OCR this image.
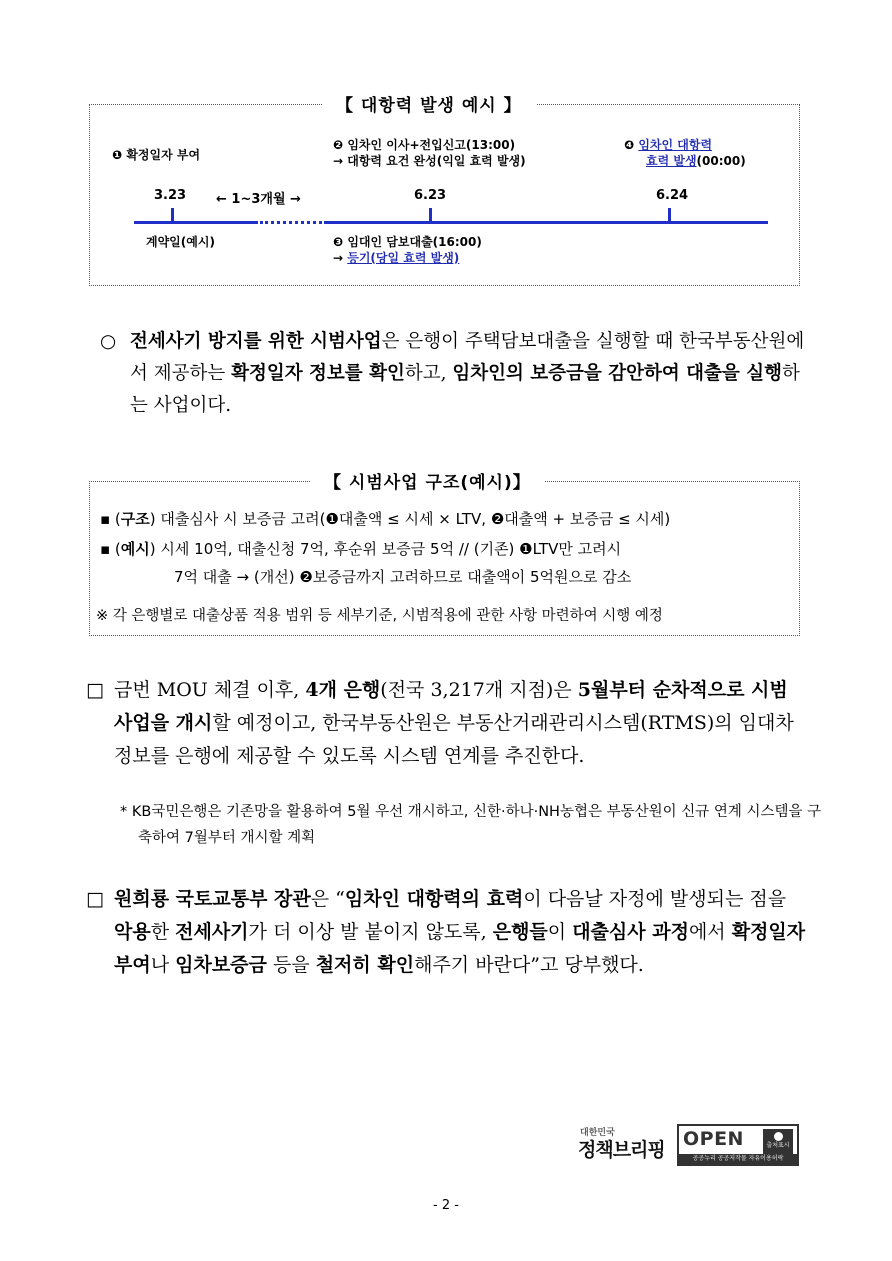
【 대항력 발생 예시 】
❶ 확정일자 부여
❷ 임차인 이사+전입신고(13:00)
→ 대항력 요건 완성(익일 효력 발생)
❹ 임차인 대항력
효력 발생(00:00)
3.23 ← 1~3개월 →	6.23	6.24
계약일(예시)	❸ 임대인 담보대출(16:00)
→ 등기(당일 효력 발생)
○ 전세사기 방지를 위한 시범사업은 은행이 주택담보대출을 실행할 때 한국부동산원에서 제공하는 확정일자 정보를 확인하고, 임차인의 보증금을 감안하여 대출을 실행하는 사업이다.
【 시범사업 구조(예시)】
▪ (구조) 대출심사 시 보증금 고려(❶대출액 ≤ 시세 × LTV, ❷대출액 + 보증금 ≤ 시세)
▪ (예시) 시세 10억, 대출신청 7억, 후순위 보증금 5억 // (기존) ❶LTV만 고려시
7억 대출 → (개선) ❷보증금까지 고려하므로 대출액이 5억원으로 감소
※ 각 은행별로 대출상품 적용 범위 등 세부기준, 시범적용에 관한 사항 마련하여 시행 예정
□ 금번 MOU 체결 이후, 4개 은행(전국 3,217개 지점)은 5월부터 순차적으로 시범사업을 개시할 예정이고, 한국부동산원은 부동산거래관리시스템(RTMS)의 임대차 정보를 은행에 제공할 수 있도록 시스템 연계를 추진한다.
* KB국민은행은 기존망을 활용하여 5월 우선 개시하고, 신한·하나·NH농협은 부동산원이 신규 연계 시스템을 구축하여 7월부터 개시할 계획
□ 원희룡 국토교통부 장관은 “임차인 대항력의 효력이 다음날 자정에 발생되는 점을 악용한 전세사기가 더 이상 발 붙이지 않도록, 은행들이 대출심사 과정에서 확정일자 부여나 임차보증금 등을 철저히 확인해주기 바란다”고 당부했다.
대한민국
정책브리핑 OPEN	출처표시
공공누리 공공저작물 자유이용허락
- 2 -
